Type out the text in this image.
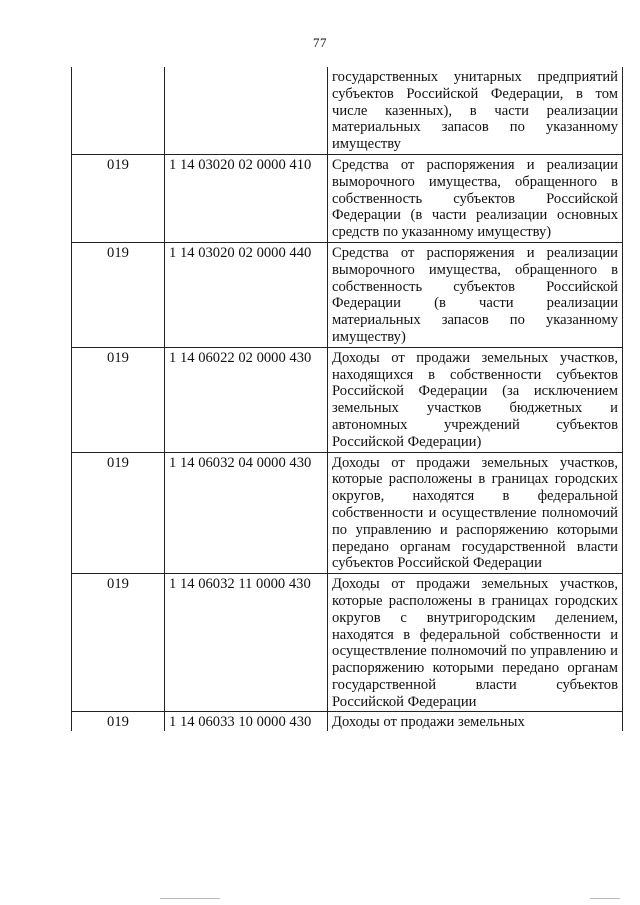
77
		государственных унитарных предприятий субъектов Российской Федерации, в том числе казенных), в части реализации материальных запасов по указанному имуществу
019	1 14 03020 02 0000 410	Средства от распоряжения и реализации выморочного имущества, обращенного в собственность субъектов Российской Федерации (в части реализации основных средств по указанному имуществу)
019	1 14 03020 02 0000 440	Средства от распоряжения и реализации выморочного имущества, обращенного в собственность субъектов Российской Федерации (в части реализации материальных запасов по указанному имуществу)
019	1 14 06022 02 0000 430	Доходы от продажи земельных участков, находящихся в собственности субъектов Российской Федерации (за исключением земельных участков бюджетных и автономных учреждений субъектов Российской Федерации)
019	1 14 06032 04 0000 430	Доходы от продажи земельных участков, которые расположены в границах городских округов, находятся в федеральной собственности и осуществление полномочий по управлению и распоряжению которыми передано органам государственной власти субъектов Российской Федерации
019	1 14 06032 11 0000 430	Доходы от продажи земельных участков, которые расположены в границах городских округов с внутригородским делением, находятся в федеральной собственности и осуществление полномочий по управлению и распоряжению которыми передано органам государственной власти субъектов Российской Федерации
019	1 14 06033 10 0000 430	Доходы от продажи земельных
